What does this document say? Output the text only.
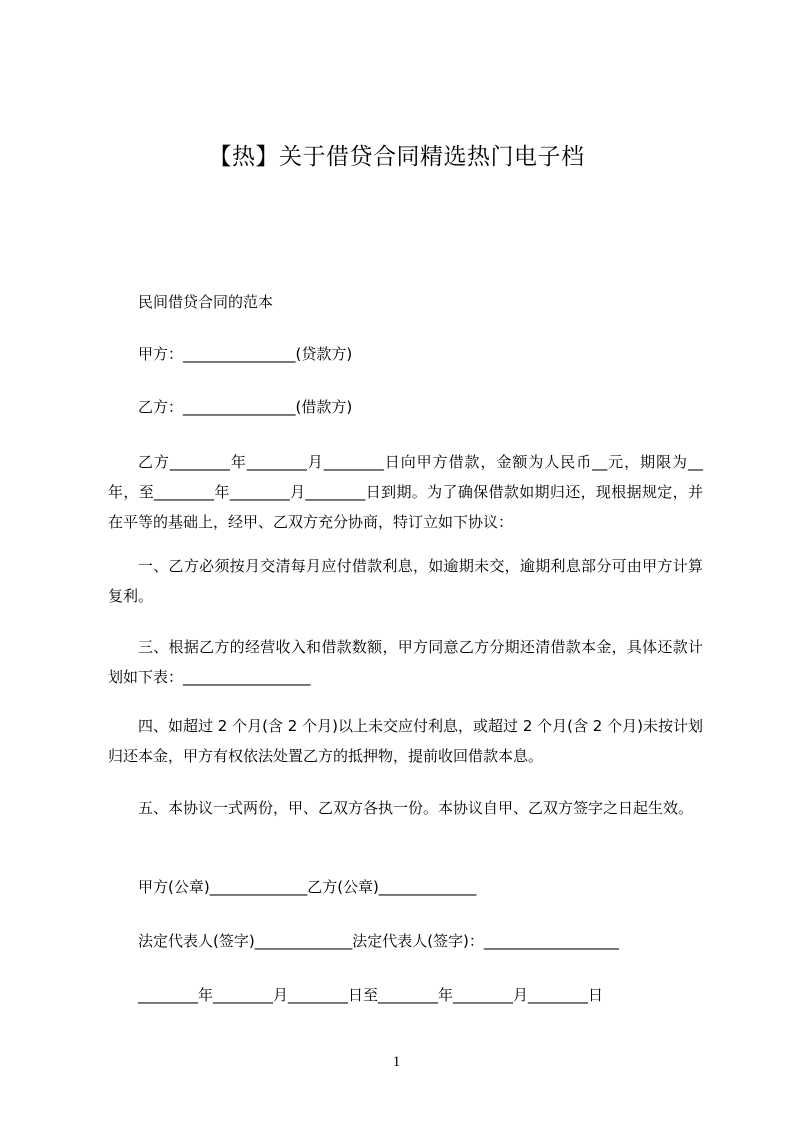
【热】关于借贷合同精选热门电子档

民间借贷合同的范本

甲方：_______________(贷款方)

乙方：_______________(借款方)

乙方________年________月________日向甲方借款，金额为人民币__元，期限为__年，至________年________月________日到期。为了确保借款如期归还，现根据规定，并在平等的基础上，经甲、乙双方充分协商，特订立如下协议：

一、乙方必须按月交清每月应付借款利息，如逾期未交，逾期利息部分可由甲方计算复利。

三、根据乙方的经营收入和借款数额，甲方同意乙方分期还清借款本金，具体还款计划如下表：_________________

四、如超过 2 个月(含 2 个月)以上未交应付利息，或超过 2 个月(含 2 个月)未按计划归还本金，甲方有权依法处置乙方的抵押物，提前收回借款本息。

五、本协议一式两份，甲、乙双方各执一份。本协议自甲、乙双方签字之日起生效。

甲方(公章)_____________乙方(公章)_____________

法定代表人(签字)_____________法定代表人(签字)：__________________

________年________月________日至________年________月________日

1
